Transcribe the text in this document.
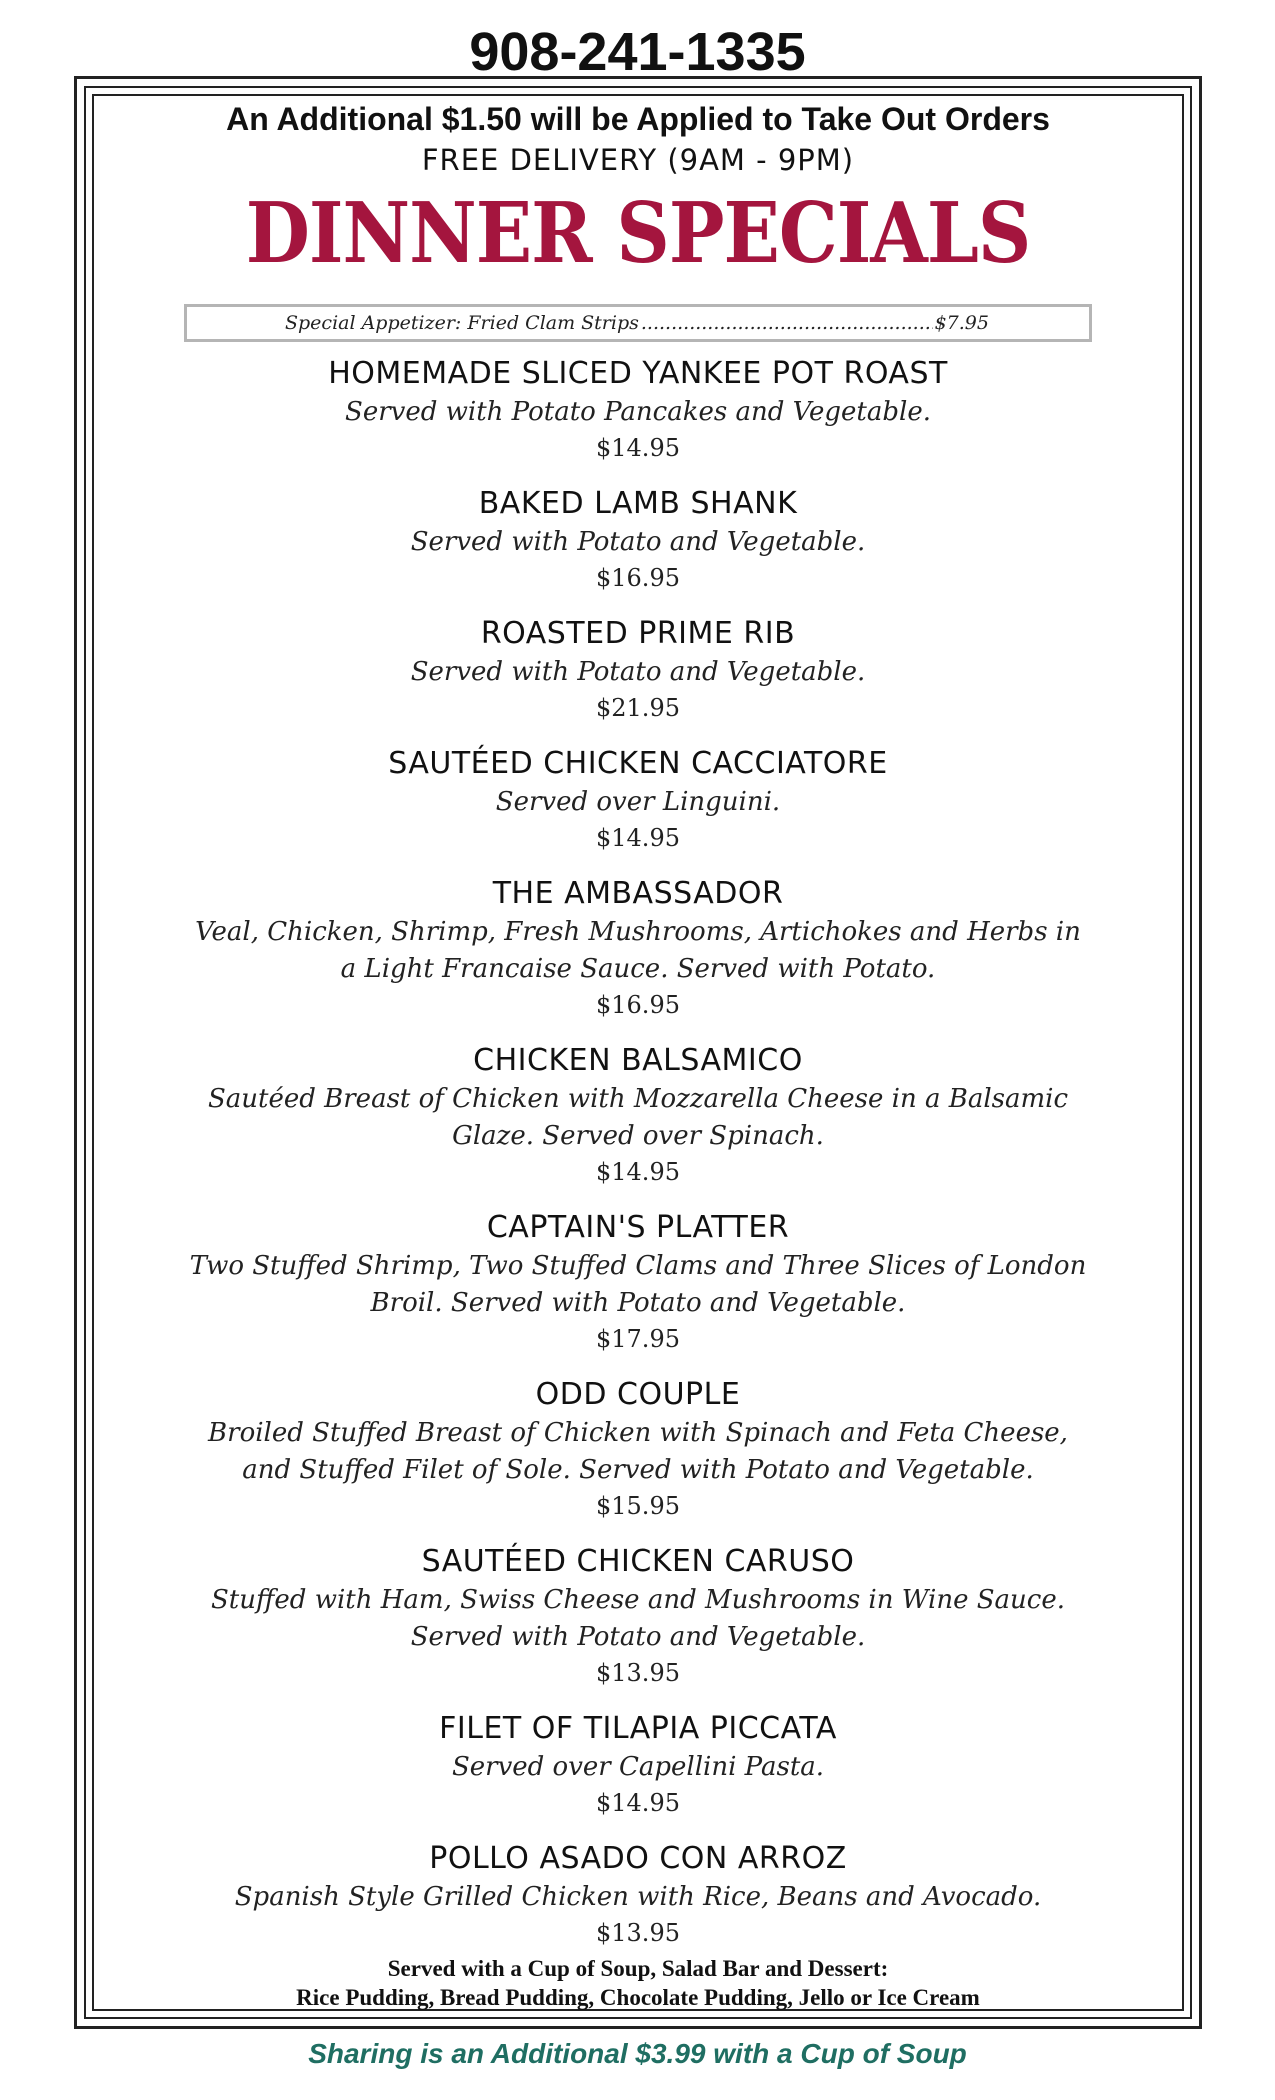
908-241-1335

An Additional $1.50 will be Applied to Take Out Orders

FREE DELIVERY (9AM - 9PM)

DINNER SPECIALS
Special Appetizer: Fried Clam Strips
.....	$7.95

HOMEMADE SLICED YANKEE POT ROAST

Served with Potato Pancakes and Vegetable.

$14.95

BAKED LAMB SHANK

Served with Potato and Vegetable.

$16.95

ROASTED PRIME RIB

Served with Potato and Vegetable.

$21.95

SAUTÉED CHICKEN CACCIATORE

Served over Linguini.

$14.95

THE AMBASSADOR

Veal, Chicken, Shrimp, Fresh Mushrooms, Artichokes and Herbs in a Light Francaise Sauce. Served with Potato.

$16.95

CHICKEN BALSAMICO

Sautéed Breast of Chicken with Mozzarella Cheese in a Balsamic Glaze. Served over Spinach.

$14.95

CAPTAIN'S PLATTER

Two Stuffed Shrimp, Two Stuffed Clams and Three Slices of London Broil. Served with Potato and Vegetable.

$17.95

ODD COUPLE

Broiled Stuffed Breast of Chicken with Spinach and Feta Cheese, and Stuffed Filet of Sole. Served with Potato and Vegetable.

$15.95

SAUTÉED CHICKEN CARUSO

Stuffed with Ham, Swiss Cheese and Mushrooms in Wine Sauce. Served with Potato and Vegetable.

$13.95

FILET OF TILAPIA PICCATA

Served over Capellini Pasta.

$14.95

POLLO ASADO CON ARROZ

Spanish Style Grilled Chicken with Rice, Beans and Avocado.

$13.95

Served with a Cup of Soup, Salad Bar and Dessert:

Rice Pudding, Bread Pudding, Chocolate Pudding, Jello or Ice Cream

Sharing is an Additional $3.99 with a Cup of Soup
